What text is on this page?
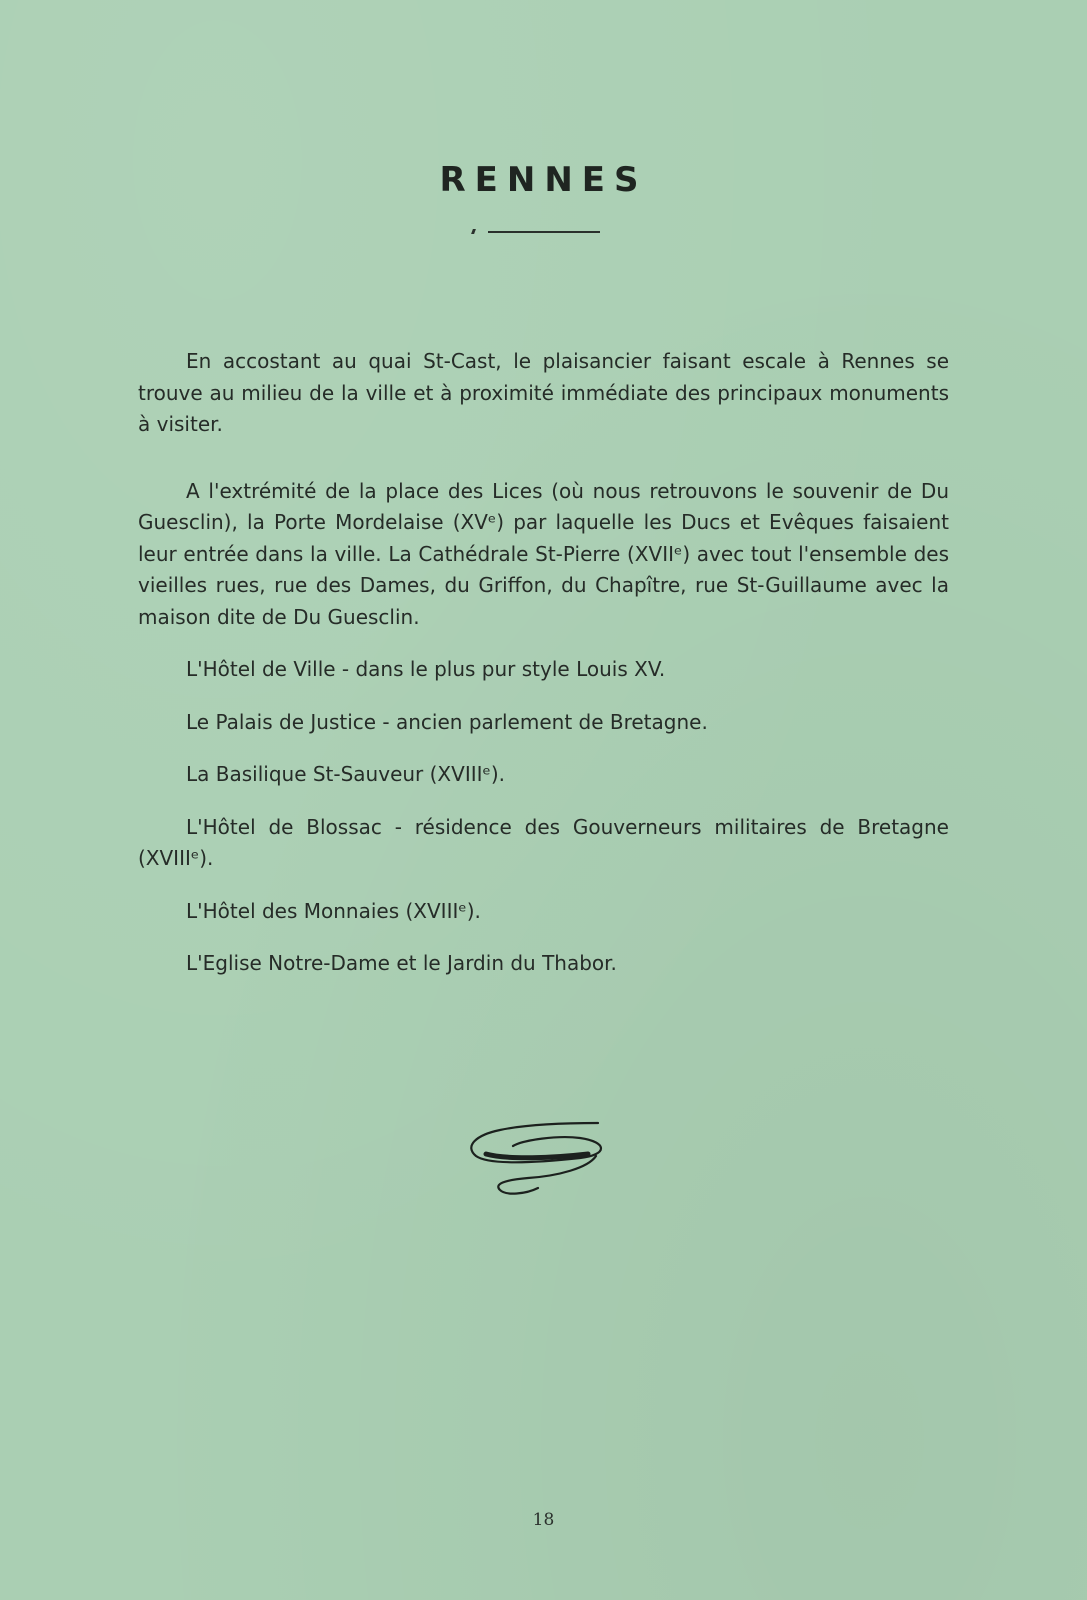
RENNES

En accostant au quai St-Cast, le plaisancier faisant escale à Rennes se trouve au milieu de la ville et à proximité immédiate des principaux monuments à visiter.

A l'extrémité de la place des Lices (où nous retrouvons le souvenir de Du Guesclin), la Porte Mordelaise (XVᵉ) par laquelle les Ducs et Evêques faisaient leur entrée dans la ville. La Cathédrale St-Pierre (XVIIᵉ) avec tout l'ensemble des vieilles rues, rue des Dames, du Griffon, du Chapître, rue St-Guillaume avec la maison dite de Du Guesclin.

L'Hôtel de Ville - dans le plus pur style Louis XV.

Le Palais de Justice - ancien parlement de Bretagne.

La Basilique St-Sauveur (XVIIIᵉ).

L'Hôtel de Blossac - résidence des Gouverneurs militaires de Bretagne (XVIIIᵉ).

L'Hôtel des Monnaies (XVIIIᵉ).

L'Eglise Notre-Dame et le Jardin du Thabor.

18
